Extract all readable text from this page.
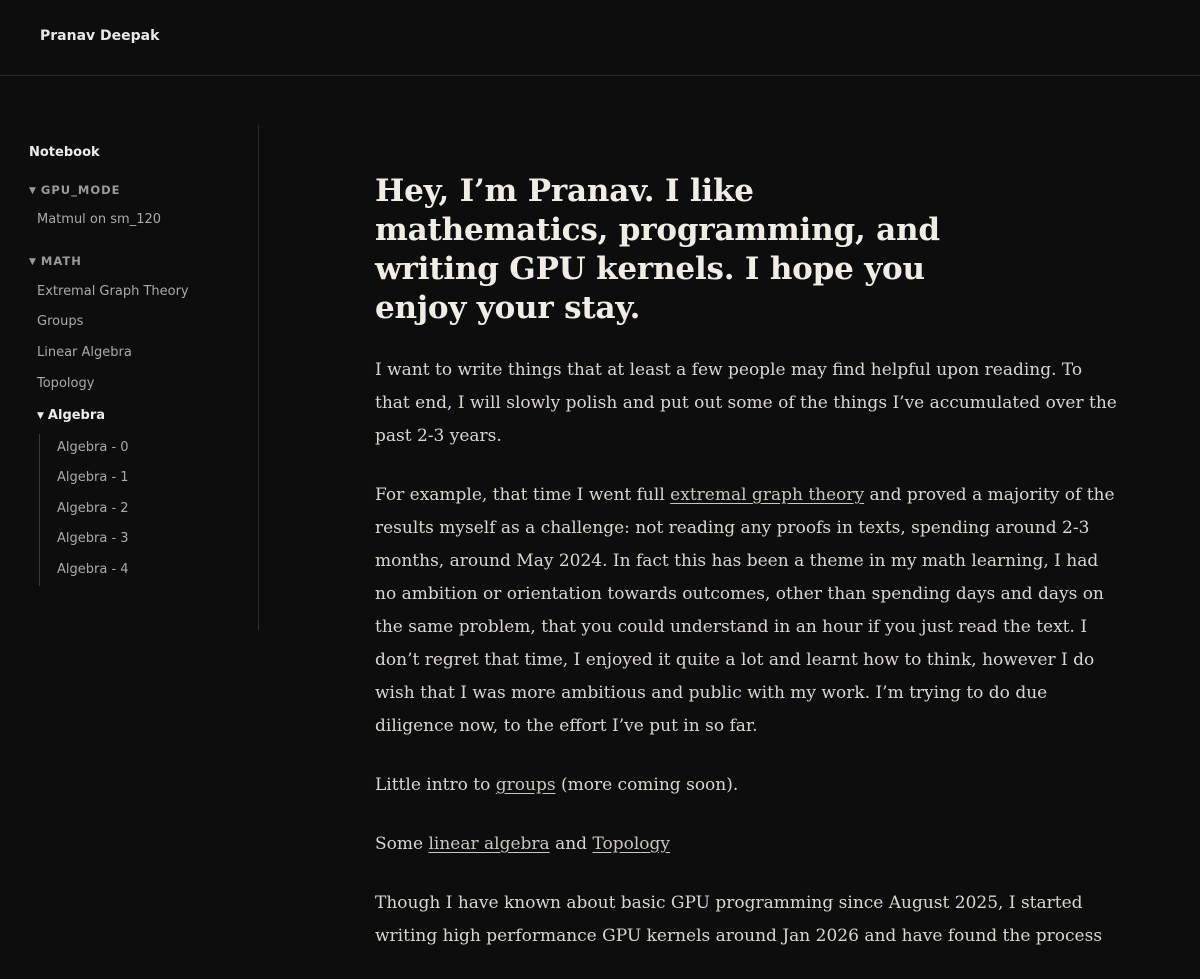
Pranav Deepak
Notebook
▼ GPU_MODE
Matmul on sm_120
▼ MATH
Extremal Graph Theory
Groups
Linear Algebra
Topology
▼ Algebra
Algebra - 0
Algebra - 1
Algebra - 2
Algebra - 3
Algebra - 4
Hey, I’m Pranav. I like mathematics, programming, and writing GPU kernels. I hope you enjoy your stay.

I want to write things that at least a few people may find helpful upon reading. To that end, I will slowly polish and put out some of the things I’ve accumulated over the past 2-3 years.

For example, that time I went full extremal graph theory and proved a majority of the results myself as a challenge: not reading any proofs in texts, spending around 2-3 months, around May 2024. In fact this has been a theme in my math learning, I had no ambition or orientation towards outcomes, other than spending days and days on the same problem, that you could understand in an hour if you just read the text. I don’t regret that time, I enjoyed it quite a lot and learnt how to think, however I do wish that I was more ambitious and public with my work. I’m trying to do due diligence now, to the effort I’ve put in so far.

Little intro to groups (more coming soon).

Some linear algebra and Topology

Though I have known about basic GPU programming since August 2025, I started writing high performance GPU kernels around Jan 2026 and have found the process
